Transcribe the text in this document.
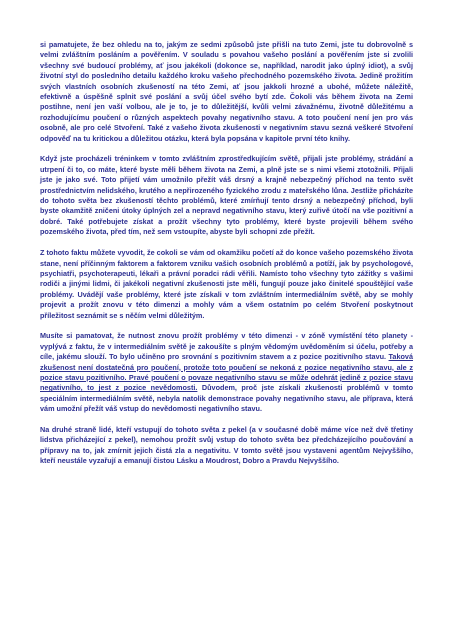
si pamatujete, že bez ohledu na to, jakým ze sedmi způsobů jste přišli na tuto Zemi, jste tu dobrovolně s velmi zvláštním posláním a pověřením. V souladu s povahou vašeho poslání a pověřením jste si zvolili všechny své budoucí problémy, ať jsou jakékoli (dokonce se, například, narodit jako úplný idiot), a svůj životní styl do posledního detailu každého kroku vašeho přechodného pozemského života. Jedině prožitím svých vlastních osobních zkušeností na této Zemi, ať jsou jakkoli hrozné a ubohé, můžete náležitě, efektivně a úspěšně splnit své poslání a svůj účel svého bytí zde. Čokoli vás během života na Zemi postihne, není jen vaší volbou, ale je to, je to důležitější, kvůli velmi závažnému, životně důležitému a rozhodujícímu poučení o různých aspektech povahy negativního stavu. A toto poučení není jen pro vás osobně, ale pro celé Stvoření. Také z vašeho života zkušenosti v negativním stavu sezná veškeré Stvoření odpověď na tu kritickou a důležitou otázku, která byla popsána v kapitole první této knihy.

Když jste procházeli tréninkem v tomto zvláštním zprostředkujícím světě, přijali jste problémy, strádání a utrpení či to, co máte, které byste měli během života na Zemi, a plně jste se s nimi všemi ztotožnili. Přijali jste je jako své. Toto přijetí vám umožnilo přežít váš drsný a krajně nebezpečný příchod na tento svět prostřednictvím nelidského, krutého a nepřirozeného fyzického zrodu z mateřského lůna. Jestliže přicházíte do tohoto světa bez zkušeností těchto problémů, které zmírňují tento drsný a nebezpečný příchod, byli byste okamžitě zničeni útoky úplných zel a nepravd negativního stavu, který zuřivě útočí na vše pozitivní a dobré. Také potřebujete získat a prožít všechny tyto problémy, které byste projevili během svého pozemského života, před tím, než sem vstoupíte, abyste byli schopni zde přežít.

Z tohoto faktu můžete vyvodit, že cokoli se vám od okamžiku početí až do konce vašeho pozemského života stane, není příčinným faktorem a faktorem vzniku vašich osobních problémů a potíží, jak by psychologové, psychiatři, psychoterapeuti, lékaři a právní poradci rádi věřili. Namísto toho všechny tyto zážitky s vašimi rodiči a jinými lidmi, či jakékoli negativní zkušenosti jste měli, fungují pouze jako činitelé spouštějící vaše problémy. Uvádějí vaše problémy, které jste získali v tom zvláštním intermediálním světě, aby se mohly projevit a prožít znovu v této dimenzi a mohly vám a všem ostatním po celém Stvoření poskytnout příležitost seznámit se s něčím velmi důležitým.

Musíte si pamatovat, že nutnost znovu prožít problémy v této dimenzi - v zóně vymístění této planety - vyplývá z faktu, že v intermediálním světě je zakoušíte s plným vědomým uvědoměním si účelu, potřeby a cíle, jakému slouží. To bylo učiněno pro srovnání s pozitivním stavem a z pozice pozitivního stavu. Taková zkušenost není dostatečná pro poučení, protože toto poučení se nekoná z pozice negativního stavu, ale z pozice stavu pozitivního. Pravé poučení o povaze negativního stavu se může odehrát jedině z pozice stavu negativního, to jest z pozice nevědomosti. Důvodem, proč jste získali zkušenosti problémů v tomto speciálním intermediálním světě, nebyla natolik demonstrace povahy negativního stavu, ale příprava, která vám umožní přežít váš vstup do nevědomosti negativního stavu.

Na druhé straně lidé, kteří vstupují do tohoto světa z pekel (a v současné době máme více než dvě třetiny lidstva přicházející z pekel), nemohou prožít svůj vstup do tohoto světa bez předcházejícího poučování a přípravy na to, jak zmírnit jejich čistá zla a negativitu. V tomto světě jsou vystaveni agentům Nejvyššího, kteří neustále vyzařují a emanují čistou Lásku a Moudrost, Dobro a Pravdu Nejvyššího.
